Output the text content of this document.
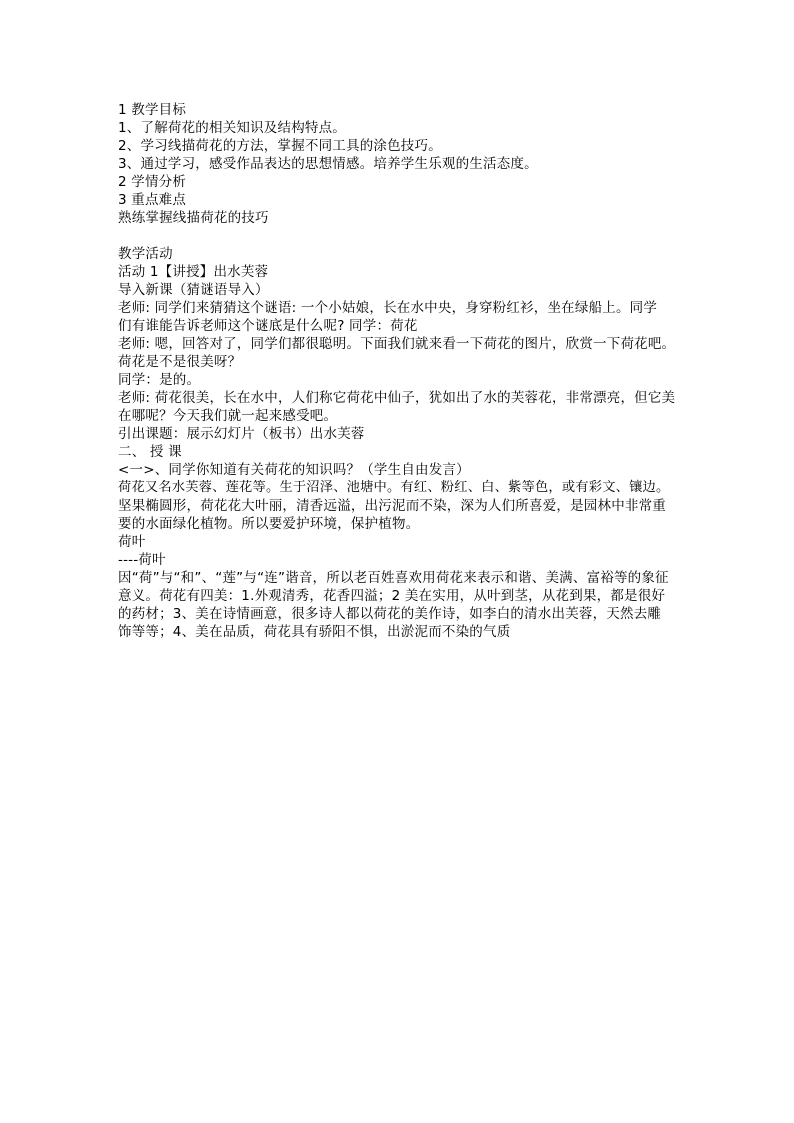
1 教学目标
1、了解荷花的相关知识及结构特点。
2、学习线描荷花的方法，掌握不同工具的涂色技巧。
3、通过学习，感受作品表达的思想情感。培养学生乐观的生活态度。
2 学情分析
3 重点难点
熟练掌握线描荷花的技巧
教学活动
活动 1【讲授】出水芙蓉
导入新课（猜谜语导入）
老师: 同学们来猜猜这个谜语: 一个小姑娘，长在水中央，身穿粉红衫，坐在绿船上。同学
们有谁能告诉老师这个谜底是什么呢? 同学：荷花
老师: 嗯，回答对了，同学们都很聪明。下面我们就来看一下荷花的图片，欣赏一下荷花吧。
荷花是不是很美呀？
同学：是的。
老师: 荷花很美，长在水中，人们称它荷花中仙子，犹如出了水的芙蓉花，非常漂亮，但它美
在哪呢？今天我们就一起来感受吧。
引出课题：展示幻灯片（板书）出水芙蓉
二、 授 课
<一>、同学你知道有关荷花的知识吗？（学生自由发言）
荷花又名水芙蓉、莲花等。生于沼泽、池塘中。有红、粉红、白、紫等色，或有彩文、镶边。
坚果椭圆形，荷花花大叶丽，清香远溢，出污泥而不染，深为人们所喜爱，是园林中非常重
要的水面绿化植物。所以要爱护环境，保护植物。
荷叶
----荷叶
因“荷”与“和”、“莲”与“连”谐音，所以老百姓喜欢用荷花来表示和谐、美满、富裕等的象征
意义。荷花有四美：1.外观清秀，花香四溢；2 美在实用，从叶到茎，从花到果，都是很好
的药材；3、美在诗情画意，很多诗人都以荷花的美作诗，如李白的清水出芙蓉，天然去雕
饰等等；4、美在品质，荷花具有骄阳不惧，出淤泥而不染的气质
